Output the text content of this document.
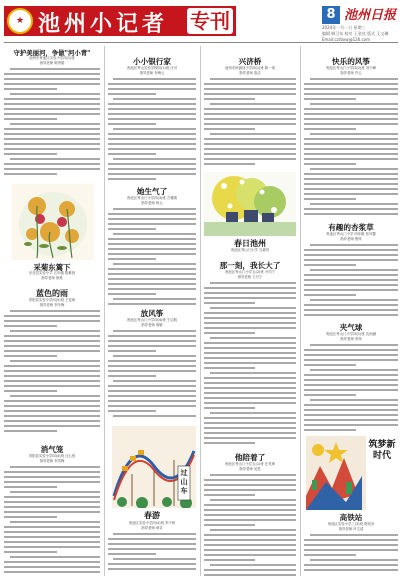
★ 池州小记者 专刊	8 池州日报
2024年一月一日 星期三
编辑 韩卫东 校对 王金良 版式 王文琳
Email:czrbxw@126.com
守护美丽河，争做"河小青"
池州市贵池区实验小学四(1)班
指导老师 陈秀娟
采菊东篱下
东至县实验小学 五年级 陈紫萱
指导老师 徐燕
蓝色的雨
青阳县实验小学四(5)班 王佳研
指导老师 李冬梅
消气笼
青阳县实验小学四(4)班 汪心悦
指导老师 李雪梅
小小银行家
贵池区秀山实验学校四(1)班 汪可
指导老师 李海云
她生气了
贵池区秀山门小学四(3)班 方雅晴
指导老师 杨云
放风筝
贵池区秀山门小学四(4)班 王启航
指导老师 周敏
过山车
春游
贵池区实验小学四(4)班 李子妍
指导老师 章芬
兴济桥
池州市秋浦河小学四(1)班 陈一诺
指导老师 詹洁
春日池州
贵池区秀山门小学 石嘉芮
那一刻，我长大了
贵池区秀山门小学五(2)班 尹芮宁
指导老师 王巧宁
他陪着了
贵池区秀山门小学五(1)班 汪昊坤
指导老师 吴思
快乐的风筝
贵池区秀山门小学四(2)班 刘子峰
指导老师 许云
有趣的杏浆草
贵池区秀山门小学 四年级 张可馨
指导老师 鲁萍
夹气球
贵池区秀山门小学四(1)班 沈雨涵
指导老师 李萍
筑梦新时代
高铁站
贵池区实验小学三(3)班 陈钧彦
指导老师 叶文清
